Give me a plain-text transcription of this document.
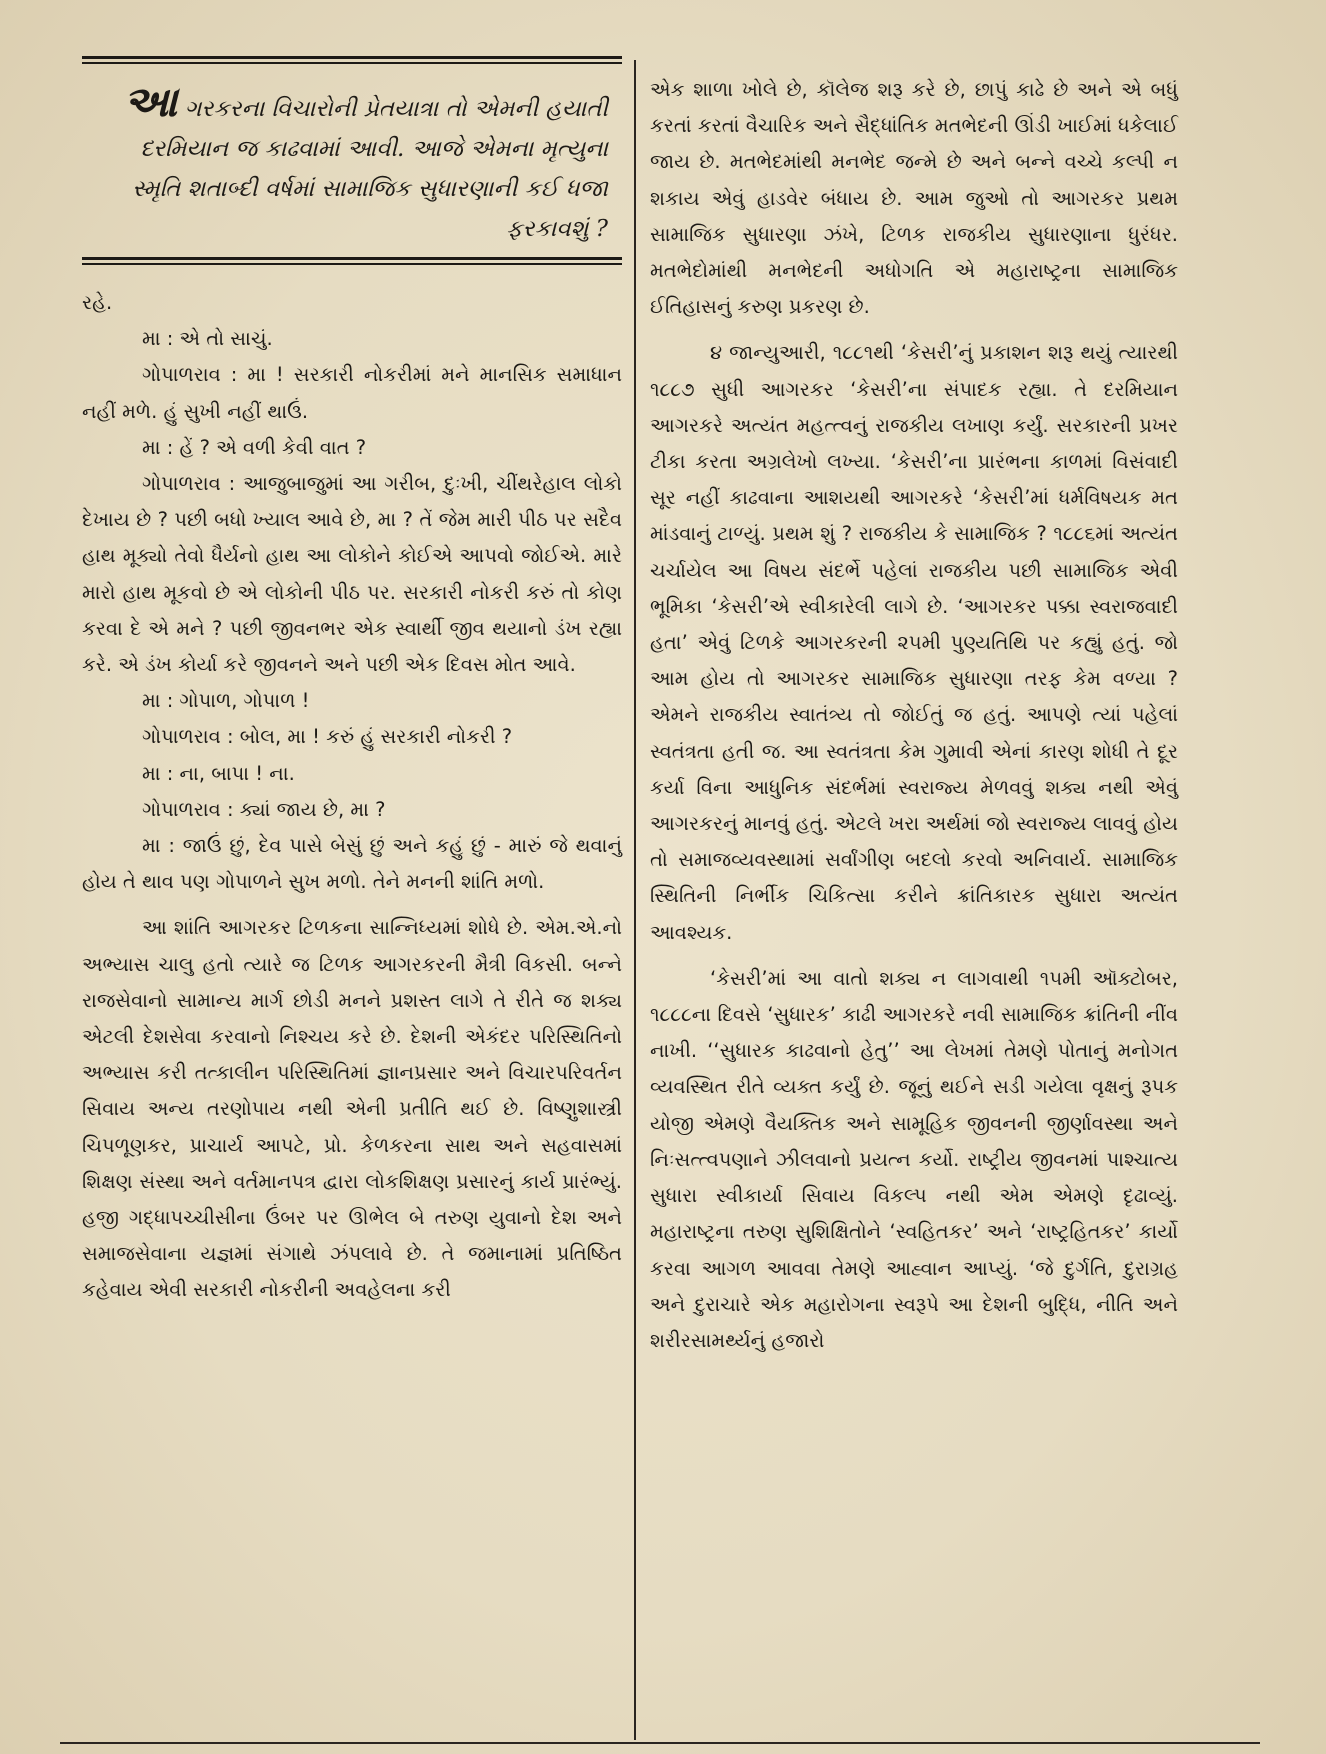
આ ગરકરના વિચારોની પ્રેતયાત્રા તો એમની હયાતી દરમિયાન જ કાઢવામાં આવી. આજે એમના મૃત્યુના સ્મૃતિ શતાબ્દી વર્ષમાં સામાજિક સુધારણાની કઈ ધજા ફરકાવશું ?

રહે.

મા : એ તો સાચું.

ગોપાળરાવ : મા ! સરકારી નોકરીમાં મને માનસિક સમાધાન નહીં મળે. હું સુખી નહીં થાઉં.

મા : હેં ? એ વળી કેવી વાત ?

ગોપાળરાવ : આજુબાજુમાં આ ગરીબ, દુઃખી, ચીંથરેહાલ લોકો દેખાય છે ? પછી બધો ખ્યાલ આવે છે, મા ? તેં જેમ મારી પીઠ પર સદૈવ હાથ મૂક્યો તેવો ધૈર્યનો હાથ આ લોકોને કોઈએ આપવો જોઈએ. મારે મારો હાથ મૂકવો છે એ લોકોની પીઠ પર. સરકારી નોકરી કરું તો કોણ કરવા દે એ મને ? પછી જીવનભર એક સ્વાર્થી જીવ થયાનો ડંખ રહ્યા કરે. એ ડંખ કોર્યા કરે જીવનને અને પછી એક દિવસ મોત આવે.

મા : ગોપાળ, ગોપાળ !

ગોપાળરાવ : બોલ, મા ! કરું હું સરકારી નોકરી ?

મા : ના, બાપા ! ના.

ગોપાળરાવ : ક્યાં જાય છે, મા ?

મા : જાઉં છું, દેવ પાસે બેસું છું અને કહું છું - મારું જે થવાનું હોય તે થાવ પણ ગોપાળને સુખ મળો. તેને મનની શાંતિ મળો.

આ શાંતિ આગરકર ટિળકના સાન્નિધ્યમાં શોધે છે. એમ.એ.નો અભ્યાસ ચાલુ હતો ત્યારે જ ટિળક આગરકરની મૈત્રી વિકસી. બન્ને રાજસેવાનો સામાન્ય માર્ગ છોડી મનને પ્રશસ્ત લાગે તે રીતે જ શક્ય એટલી દેશસેવા કરવાનો નિશ્ચય કરે છે. દેશની એકંદર પરિસ્થિતિનો અભ્યાસ કરી તત્કાલીન પરિસ્થિતિમાં જ્ઞાનપ્રસાર અને વિચારપરિવર્તન સિવાય અન્ય તરણોપાય નથી એની પ્રતીતિ થઈ છે. વિષ્ણુશાસ્ત્રી ચિપળૂણકર, પ્રાચાર્ય આપટે, પ્રો. કેળકરના સાથ અને સહવાસમાં શિક્ષણ સંસ્થા અને વર્તમાનપત્ર દ્વારા લોકશિક્ષણ પ્રસારનું કાર્ય પ્રારંભ્યું. હજી ગદ્ધાપચ્ચીસીના ઉંબર પર ઊભેલ બે તરુણ યુવાનો દેશ અને સમાજસેવાના યજ્ઞમાં સંગાથે ઝંપલાવે છે. તે જમાનામાં પ્રતિષ્ઠિત કહેવાય એવી સરકારી નોકરીની અવહેલના કરી

એક શાળા ખોલે છે, કૉલેજ શરૂ કરે છે, છાપું કાઢે છે અને એ બધું કરતાં કરતાં વૈચારિક અને સૈદ્ધાંતિક મતભેદની ઊંડી ખાઈમાં ધકેલાઈ જાય છે. મતભેદમાંથી મનભેદ જન્મે છે અને બન્ને વચ્ચે કલ્પી ન શકાય એવું હાડવેર બંધાય છે. આમ જુઓ તો આગરકર પ્રથમ સામાજિક સુધારણા ઝંખે, ટિળક રાજકીય સુધારણાના ધુરંધર. મતભેદોમાંથી મનભેદની અધોગતિ એ મહારાષ્ટ્રના સામાજિક ઈતિહાસનું કરુણ પ્રકરણ છે.

૪ જાન્યુઆરી, ૧૮૮૧થી ‘કેસરી’નું પ્રકાશન શરૂ થયું ત્યારથી ૧૮૮૭ સુધી આગરકર ‘કેસરી’ના સંપાદક રહ્યા. તે દરમિયાન આગરકરે અત્યંત મહત્ત્વનું રાજકીય લખાણ કર્યું. સરકારની પ્રખર ટીકા કરતા અગ્રલેખો લખ્યા. ‘કેસરી’ના પ્રારંભના કાળમાં વિસંવાદી સૂર નહીં કાઢવાના આશયથી આગરકરે ‘કેસરી’માં ધર્મવિષયક મત માંડવાનું ટાળ્યું. પ્રથમ શું ? રાજકીય કે સામાજિક ? ૧૮૮૬માં અત્યંત ચર્ચાયેલ આ વિષય સંદર્ભે પહેલાં રાજકીય પછી સામાજિક એવી ભૂમિકા ‘કેસરી’એ સ્વીકારેલી લાગે છે. ‘આગરકર પક્કા સ્વરાજવાદી હતા’ એવું ટિળકે આગરકરની ૨૫મી પુણ્યતિથિ પર કહ્યું હતું. જો આમ હોય તો આગરકર સામાજિક સુધારણા તરફ કેમ વળ્યા ? એમને રાજકીય સ્વાતંત્ર્ય તો જોઈતું જ હતું. આપણે ત્યાં પહેલાં સ્વતંત્રતા હતી જ. આ સ્વતંત્રતા કેમ ગુમાવી એનાં કારણ શોધી તે દૂર કર્યા વિના આધુનિક સંદર્ભમાં સ્વરાજ્ય મેળવવું શક્ય નથી એવું આગરકરનું માનવું હતું. એટલે ખરા અર્થમાં જો સ્વરાજ્ય લાવવું હોય તો સમાજવ્યવસ્થામાં સર્વાંગીણ બદલો કરવો અનિવાર્ય. સામાજિક સ્થિતિની નિર્ભીક ચિકિત્સા કરીને ક્રાંતિકારક સુધારા અત્યંત આવશ્યક.

‘કેસરી’માં આ વાતો શક્ય ન લાગવાથી ૧૫મી ઑક્ટોબર, ૧૮૮૮ના દિવસે ‘સુધારક’ કાઢી આગરકરે નવી સામાજિક ક્રાંતિની નીંવ નાખી. ‘‘સુધારક કાઢવાનો હેતુ’’ આ લેખમાં તેમણે પોતાનું મનોગત વ્યવસ્થિત રીતે વ્યક્ત કર્યું છે. જૂનું થઈને સડી ગયેલા વૃક્ષનું રૂપક યોજી એમણે વૈયક્તિક અને સામૂહિક જીવનની જીર્ણાવસ્થા અને નિઃસત્ત્વપણાને ઝીલવાનો પ્રયત્ન કર્યો. રાષ્ટ્રીય જીવનમાં પાશ્ચાત્ય સુધારા સ્વીકાર્યા સિવાય વિકલ્પ નથી એમ એમણે દૃઢાવ્યું. મહારાષ્ટ્રના તરુણ સુશિક્ષિતોને ‘સ્વહિતકર’ અને ‘રાષ્ટ્રહિતકર’ કાર્યો કરવા આગળ આવવા તેમણે આહ્વાન આપ્યું. ‘જે દુર્ગતિ, દુરાગ્રહ અને દુરાચારે એક મહારોગના સ્વરૂપે આ દેશની બુદ્ધિ, નીતિ અને શરીરસામર્થ્યનું હજારો
